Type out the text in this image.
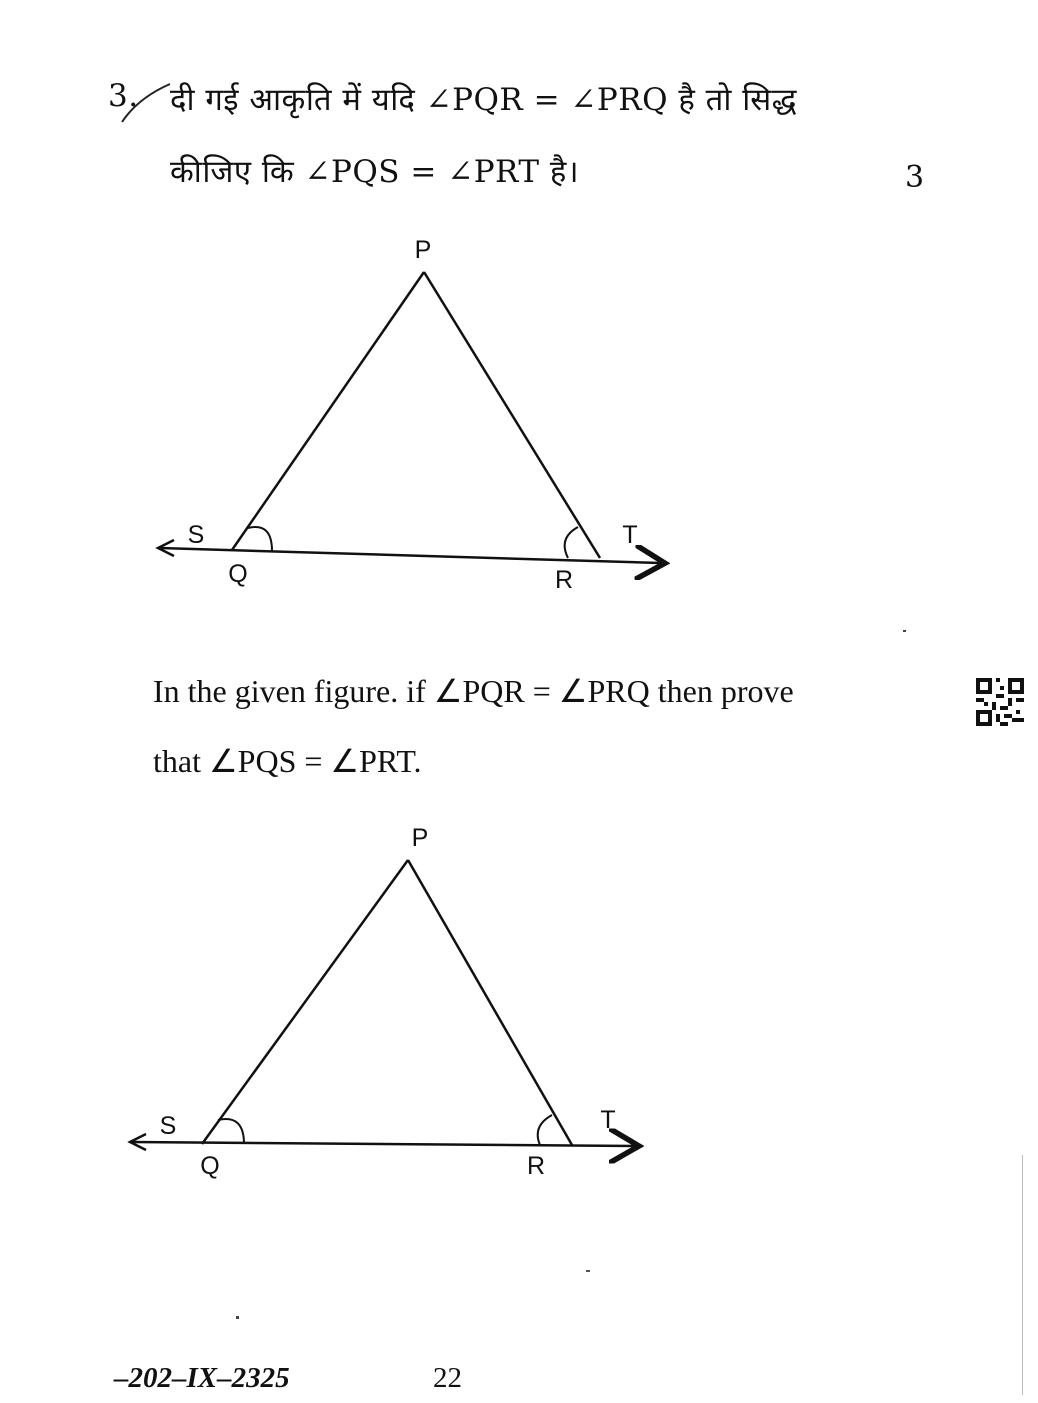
3. दी गई आकृति में यदि ∠PQR = ∠PRQ है तो सिद्ध
कीजिए कि ∠PQS = ∠PRT है।	3
P
S
Q	R
T
In the given figure. if ∠PQR = ∠PRQ then prove
that ∠PQS = ∠PRT.
P
S
Q	R
T
–202–IX–2325	22
